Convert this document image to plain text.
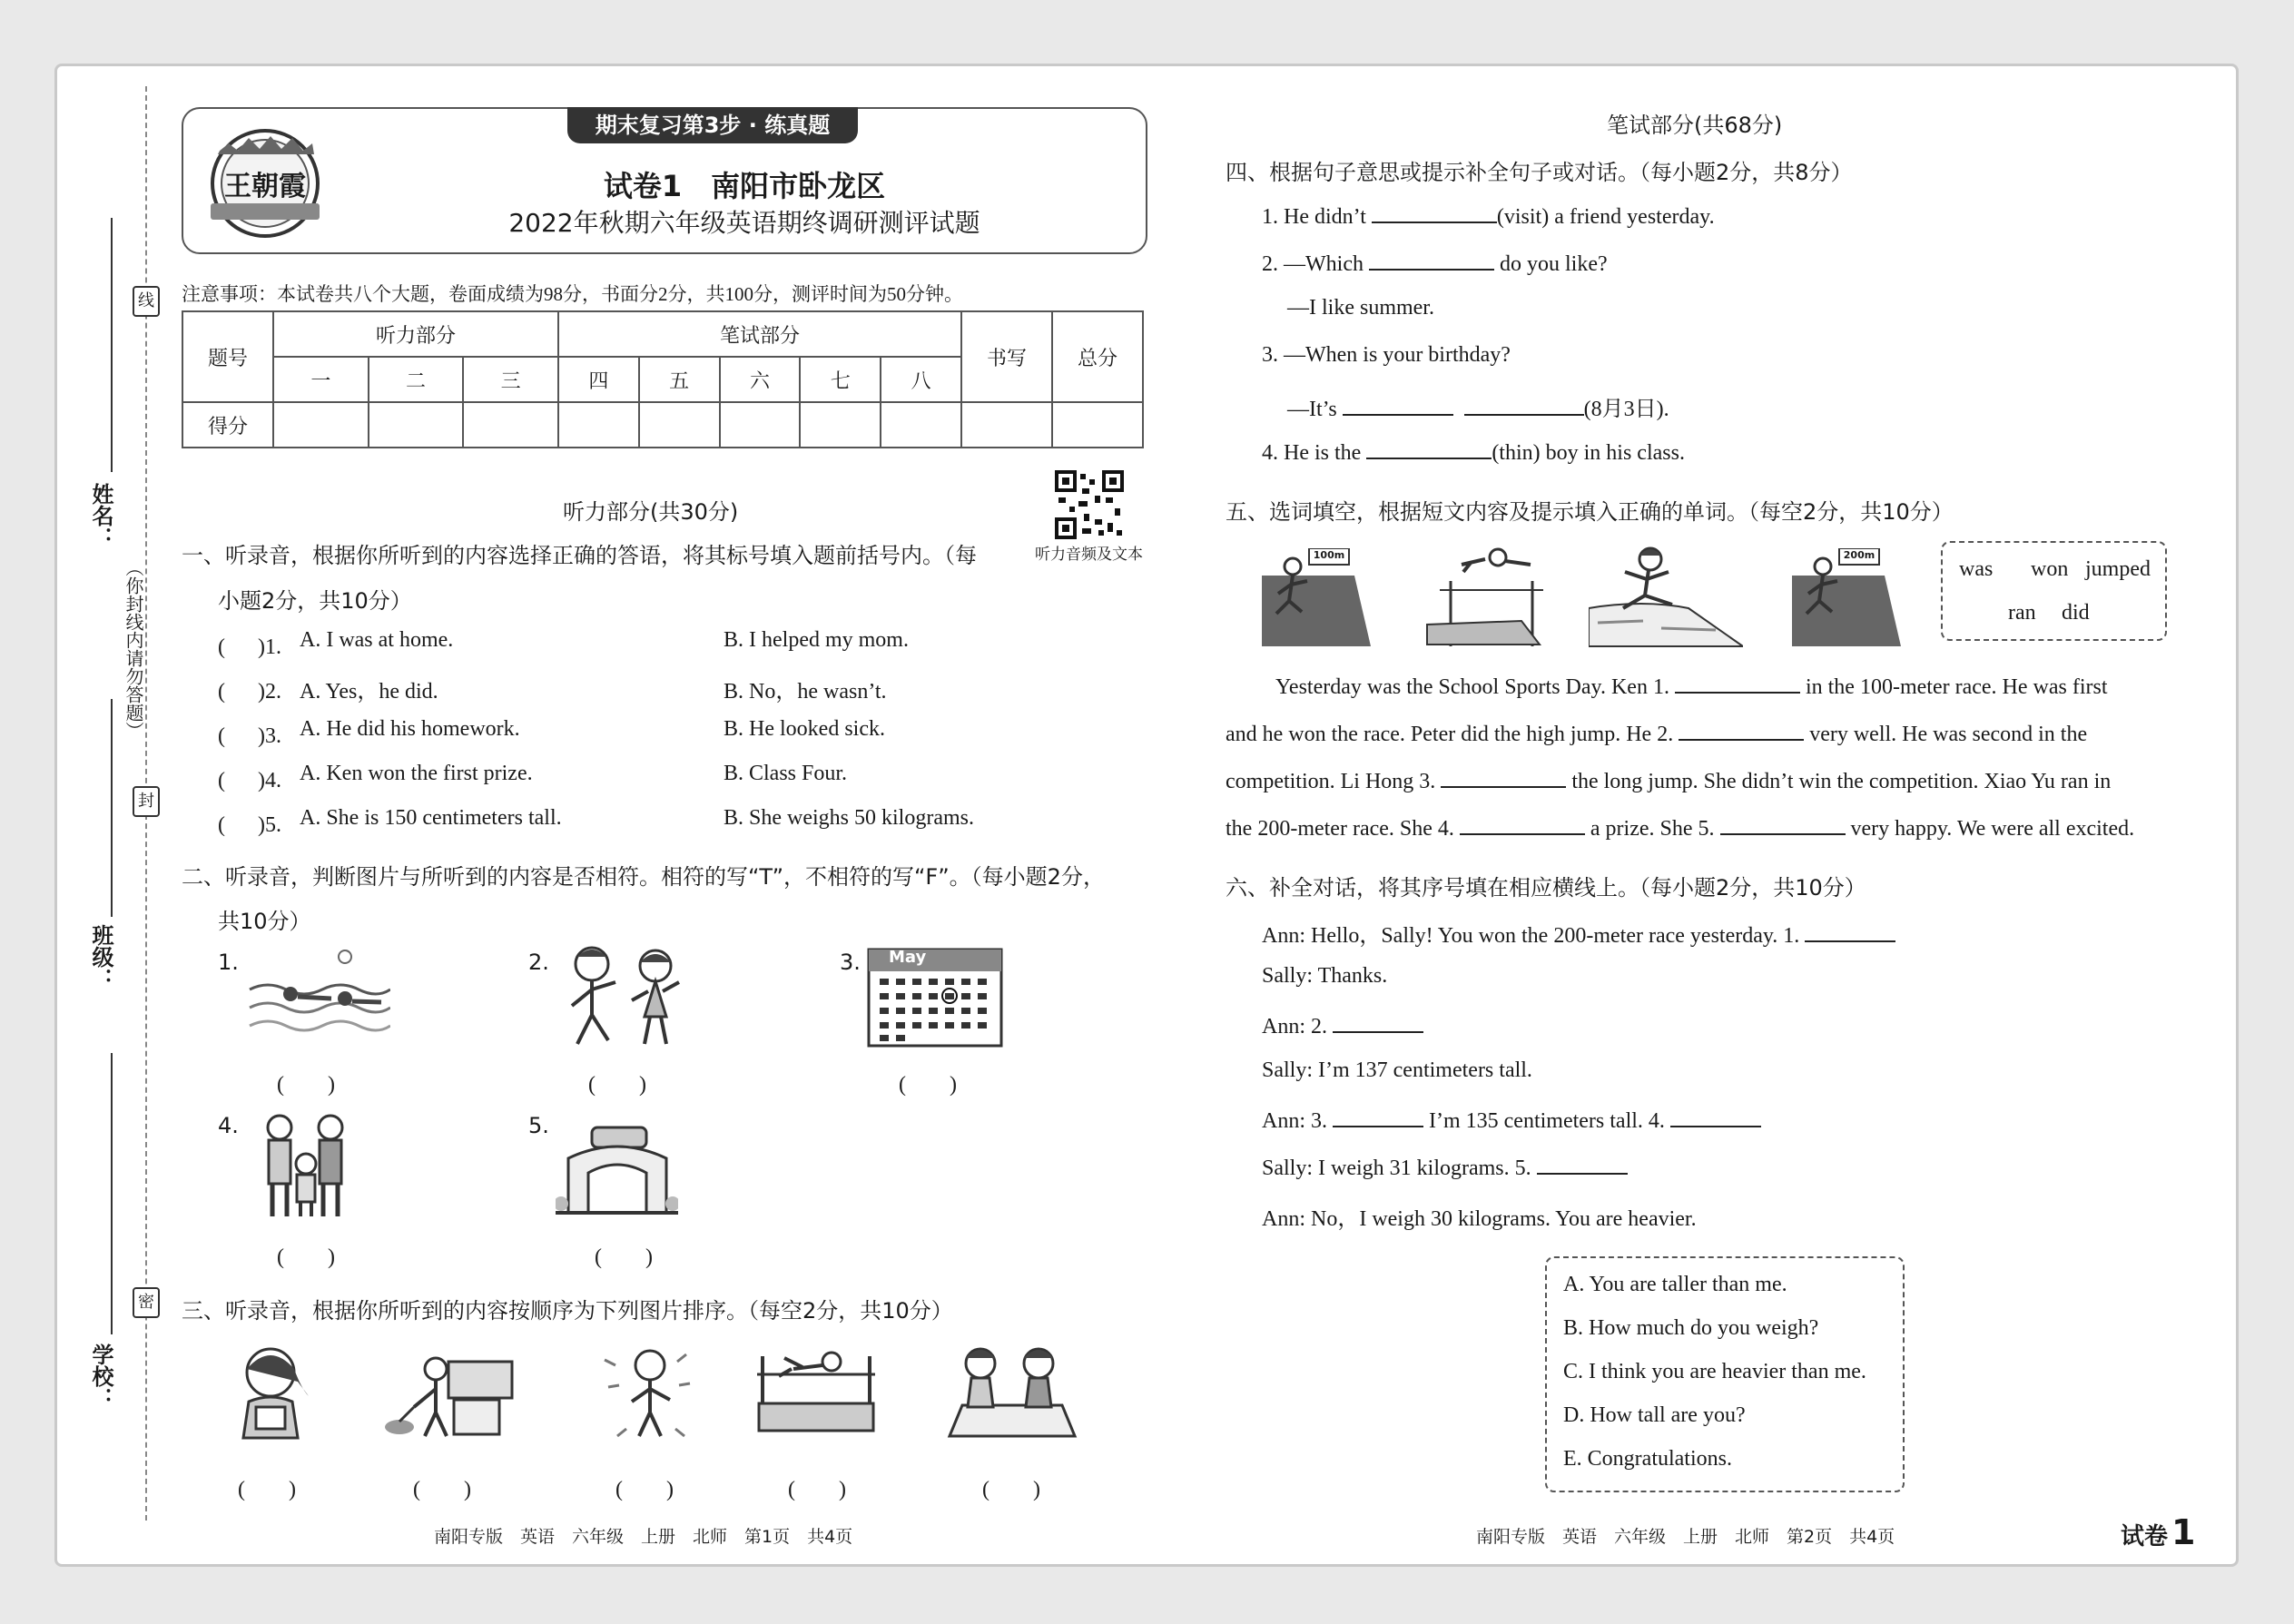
线
封
密
（你封线内请勿答题）
姓名：
班级：
学校：
王朝霞
期末复习第3步 · 练真题
试卷1　南阳市卧龙区
2022年秋期六年级英语期终调研测评试题
注意事项：本试卷共八个大题，卷面成绩为98分，书面分2分，共100分，测评时间为50分钟。
题号	听力部分			笔试部分					书写	总分
	一	二	三	四	五	六	七	八		
得分										
听力音频及文本
听力部分(共30分)
一、听录音，根据你所听到的内容选择正确的答语，将其标号填入题前括号内。（每
小题2分，共10分）
( 　 )1. A. I was at home.	B. I helped my mom.
( 　 )2. A. Yes，he did.	B. No，he wasn’t.
( 　 )3. A. He did his homework.	B. He looked sick.
( 　 )4. A. Ken won the first prize.	B. Class Four.
( 　 )5. A. She is 150 centimeters tall.	B. She weighs 50 kilograms.
二、听录音，判断图片与所听到的内容是否相符。相符的写“T”，不相符的写“F”。（每小题2分，
共10分）
1.
(　　)
2.
(　　)
3. May
(　　)
4.
(　　)
5.
(　　)
三、听录音，根据你所听到的内容按顺序为下列图片排序。（每空2分，共10分）
(　　)	(　　)	(　　)	(　　)	(　　)
南阳专版　英语　六年级　上册　北师　第1页　共4页
笔试部分(共68分)
四、根据句子意思或提示补全句子或对话。（每小题2分，共8分）
1. He didn’t	(visit) a friend yesterday.
2. —Which	do you like?
—I like summer.
3. —When is your birthday?
—It’s	(8月3日).
4. He is the	(thin) boy in his class.
五、选词填空，根据短文内容及提示填入正确的单词。（每空2分，共10分）
100m	200m
was won jumped
ran did
Yesterday was the School Sports Day. Ken 1.	in the 100-meter race. He was first
and he won the race. Peter did the high jump. He 2.	very well. He was second in the
competition. Li Hong 3.	the long jump. She didn’t win the competition. Xiao Yu ran in
the 200-meter race. She 4.	a prize. She 5.	very happy. We were all excited.
六、补全对话，将其序号填在相应横线上。（每小题2分，共10分）
Ann: Hello，Sally! You won the 200-meter race yesterday. 1.
Sally: Thanks.
Ann: 2.
Sally: I’m 137 centimeters tall.
Ann: 3.	I’m 135 centimeters tall. 4.
Sally: I weigh 31 kilograms. 5.
Ann: No，I weigh 30 kilograms. You are heavier.
A. You are taller than me.
B. How much do you weigh?
C. I think you are heavier than me.
D. How tall are you?
E. Congratulations.
南阳专版　英语　六年级　上册　北师　第2页　共4页	试卷 1
